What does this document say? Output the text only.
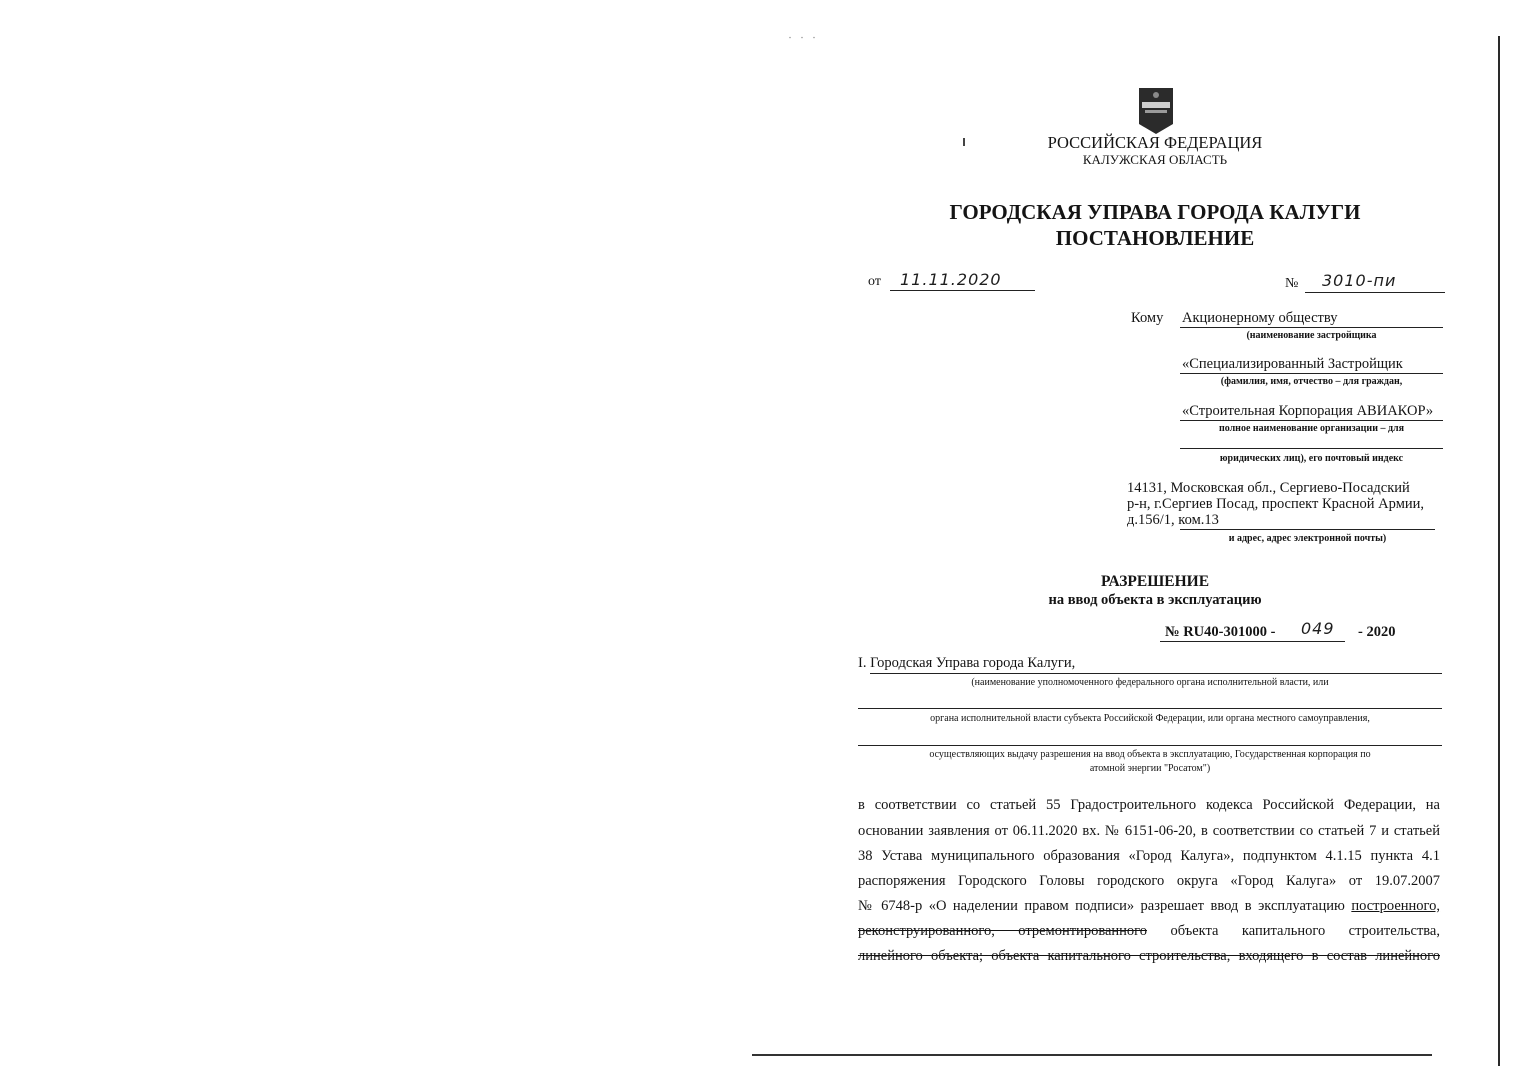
РОССИЙСКАЯ ФЕДЕРАЦИЯ
КАЛУЖСКАЯ ОБЛАСТЬ
ГОРОДСКАЯ УПРАВА ГОРОДА КАЛУГИ
ПОСТАНОВЛЕНИЕ
от 11.11.2020	№ 3010-пи
Кому Акционерному обществу
(наименование застройщика
«Специализированный Застройщик
(фамилия, имя, отчество – для граждан,
«Строительная Корпорация АВИАКОР»
полное наименование организации – для
юридических лиц), его почтовый индекс
14131, Московская обл., Сергиево-Посадский
р-н, г.Сергиев Посад, проспект Красной Армии,
д.156/1, ком.13
и адрес, адрес электронной почты)
РАЗРЕШЕНИЕ
на ввод объекта в эксплуатацию
№ RU40-301000 - 049 - 2020
I. Городская Управа города Калуги,
(наименование уполномоченного федерального органа исполнительной власти, или
органа исполнительной власти субъекта Российской Федерации, или органа местного самоуправления,
осуществляющих выдачу разрешения на ввод объекта в эксплуатацию, Государственная корпорация по
атомной энергии "Росатом")
в соответствии со статьей 55 Градостроительного кодекса Российской Федерации, на
основании заявления от 06.11.2020 вх. № 6151-06-20, в соответствии со статьей 7 и статьей
38 Устава муниципального образования «Город Калуга», подпунктом 4.1.15 пункта 4.1
распоряжения Городского Головы городского округа «Город Калуга» от 19.07.2007
№ 6748-р «О наделении правом подписи» разрешает ввод в эксплуатацию построенного,
реконструированного, отремонтированного объекта капитального строительства,
линейного объекта; объекта капитального строительства, входящего в состав линейного
